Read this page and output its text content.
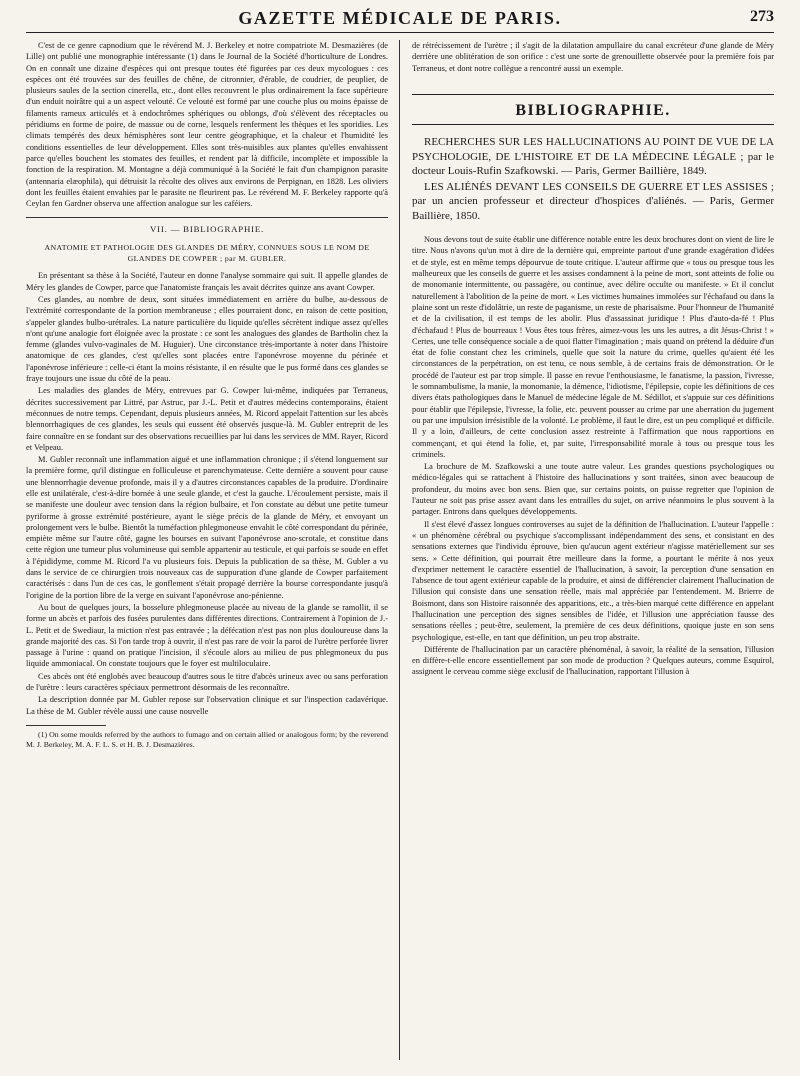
GAZETTE MÉDICALE DE PARIS.	273

C'est de ce genre capnodium que le révérend M. J. Berkeley et notre compatriote M. Desmazières (de Lille) ont publié une monographie intéressante (1) dans le Journal de la Société d'horticulture de Londres. On en connaît une dizaine d'espèces qui ont presque toutes été figurées par ces deux mycologues : ces espèces ont été trouvées sur des feuilles de chêne, de citronnier, d'érable, de coudrier, de peuplier, de plusieurs saules de la section cinerella, etc., dont elles recouvrent le plus ordinairement la face supérieure d'un enduit noirâtre qui a un aspect velouté. Ce velouté est formé par une couche plus ou moins épaisse de filaments rameux articulés et à endochrômes sphériques ou oblongs, d'où s'élèvent des réceptacles ou péridiums en forme de poire, de massue ou de corne, lesquels renferment les thèques et les sporidies. Les climats tempérés des deux hémisphères sont leur centre géographique, et la chaleur et l'humidité les conditions essentielles de leur développement. Elles sont très-nuisibles aux plantes qu'elles envahissent parce qu'elles bouchent les stomates des feuilles, et rendent par là difficile, incomplète et impossible la fonction de la respiration. M. Montagne a déjà communiqué à la Société le fait d'un champignon parasite (antennaria elæophila), qui détruisit la récolte des olives aux environs de Perpignan, en 1828. Les oliviers dont les feuilles étaient envahies par le parasite ne fleurirent pas. Le révérend M. F. Berkeley rapporte qu'à Ceylan fen Gardner observa une affection analogue sur les caféiers.

VII. — BIBLIOGRAPHIE.
ANATOMIE ET PATHOLOGIE DES GLANDES DE MÉRY, CONNUES SOUS LE NOM DE GLANDES DE COWPER ; par M. GUBLER.

En présentant sa thèse à la Société, l'auteur en donne l'analyse sommaire qui suit. Il appelle glandes de Méry les glandes de Cowper, parce que l'anatomiste français les avait décrites quinze ans avant Cowper.

Ces glandes, au nombre de deux, sont situées immédiatement en arrière du bulbe, au-dessous de l'extrémité correspondante de la portion membraneuse ; elles pourraient donc, en raison de cette position, s'appeler glandes bulbo-urétrales. La nature particulière du liquide qu'elles sécrètent indique assez qu'elles n'ont qu'une analogie fort éloignée avec la prostate : ce sont les analogues des glandes de Bartholin chez la femme (glandes vulvo-vaginales de M. Huguier). Une circonstance très-importante à noter dans l'histoire anatomique de ces glandes, c'est qu'elles sont placées entre l'aponévrose moyenne du périnée et l'aponévrose inférieure : celle-ci étant la moins résistante, il en résulte que le pus formé dans ces glandes se fraye toujours une issue du côté de la peau.

Les maladies des glandes de Méry, entrevues par G. Cowper lui-même, indiquées par Terraneus, décrites successivement par Littré, par Astruc, par J.-L. Petit et d'autres médecins contemporains, étaient méconnues de notre temps. Cependant, depuis plusieurs années, M. Ricord appelait l'attention sur les abcès blennorrhagiques de ces glandes, les seuls qui eussent été observés jusque-là. M. Gubler entreprit de les faire connaître en se fondant sur des observations recueillies par lui dans les services de MM. Rayer, Ricord et Velpeau.

M. Gubler reconnaît une inflammation aiguë et une inflammation chronique ; il s'étend longuement sur la première forme, qu'il distingue en folliculeuse et parenchymateuse. Cette dernière a souvent pour cause une blennorrhagie devenue profonde, mais il y a d'autres circonstances capables de la produire. D'ordinaire elle est unilatérale, c'est-à-dire bornée à une seule glande, et c'est la gauche. L'écoulement persiste, mais il se manifeste une douleur avec tension dans la région bulbaire, et l'on constate au début une petite tumeur pyriforme à grosse extrémité postérieure, ayant le siège précis de la glande de Méry, et envoyant un prolongement vers le bulbe. Bientôt la tuméfaction phlegmoneuse envahit le côté correspondant du périnée, empiète même sur l'autre côté, gagne les bourses en suivant l'aponévrose ano-scrotale, et constitue dans cette région une tumeur plus volumineuse qui semble appartenir au testicule, et qui parfois se soude en effet à l'épididyme, comme M. Ricord l'a vu plusieurs fois. Depuis la publication de sa thèse, M. Gubler a vu dans le service de ce chirurgien trois nouveaux cas de suppuration d'une glande de Cowper parfaitement caractérisés : dans l'un de ces cas, le gonflement s'était propagé derrière la bourse correspondante jusqu'à l'origine de la portion libre de la verge en suivant l'aponévrose ano-pénienne.

Au bout de quelques jours, la bosselure phlegmoneuse placée au niveau de la glande se ramollit, il se forme un abcès et parfois des fusées purulentes dans différentes directions. Contrairement à l'opinion de J.-L. Petit et de Swediaur, la miction n'est pas entravée ; la défécation n'est pas non plus douloureuse dans la grande majorité des cas. Si l'on tarde trop à ouvrir, il n'est pas rare de voir la paroi de l'urètre perforée livrer passage à l'urine : quand on pratique l'incision, il s'écoule alors au milieu de pus phlegmoneux du pus liquide ammoniacal. On constate toujours que le foyer est multiloculaire.

Ces abcès ont été englobés avec beaucoup d'autres sous le titre d'abcès urineux avec ou sans perforation de l'urètre : leurs caractères spéciaux permettront désormais de les reconnaître.

La description donnée par M. Gubler repose sur l'observation clinique et sur l'inspection cadavérique. La thèse de M. Gubler révèle aussi une cause nouvelle

(1) On some moulds referred by the authors to fumago and on certain allied or analogous form; by the reverend M. J. Berkeley, M. A. F. L. S. et H. B. J. Desmazières.

de rétrécissement de l'urètre ; il s'agit de la dilatation ampullaire du canal excréteur d'une glande de Méry derrière une oblitération de son orifice : c'est une sorte de grenouillette observée pour la première fois par Terraneus, et dont notre collègue a rencontré aussi un exemple.

BIBLIOGRAPHIE.

RECHERCHES SUR LES HALLUCINATIONS AU POINT DE VUE DE LA PSYCHOLOGIE, DE L'HISTOIRE ET DE LA MÉDECINE LÉGALE ; par le docteur Louis-Rufin Szafkowski. — Paris, Germer Baillière, 1849.

LES ALIÉNÉS DEVANT LES CONSEILS DE GUERRE ET LES ASSISES ; par un ancien professeur et directeur d'hospices d'aliénés. — Paris, Germer Baillière, 1850.

Nous devons tout de suite établir une différence notable entre les deux brochures dont on vient de lire le titre. Nous n'avons qu'un mot à dire de la dernière qui, empreinte partout d'une grande exagération d'idées et de style, est en même temps dépourvue de toute critique. L'auteur affirme que « tous ou presque tous les malheureux que les conseils de guerre et les assises condamnent à la peine de mort, sont atteints de folie ou de monomanie intermittente, ou passagère, ou continue, avec délire occulte ou manifeste. » Et il conclut naturellement à l'abolition de la peine de mort. « Les victimes humaines immolées sur l'échafaud ou dans la plaine sont un reste d'idolâtrie, un reste de paganisme, un reste de pharisaïsme. Pour l'honneur de l'humanité et de la civilisation, il est temps de les abolir. Plus d'assassinat juridique ! Plus d'auto-da-fé ! Plus d'échafaud ! Plus de bourreaux ! Vous êtes tous frères, aimez-vous les uns les autres, a dit Jésus-Christ ! » Certes, une telle conséquence sociale a de quoi flatter l'imagination ; mais quand on prétend la déduire d'un état de folie constant chez les criminels, quelle que soit la nature du crime, quelles qu'aient été les circonstances de la perpétration, on est tenu, ce nous semble, à de certains frais de démonstration. Or le procédé de l'auteur est par trop simple. Il passe en revue l'enthousiasme, le fanatisme, la passion, l'ivresse, le somnambulisme, la manie, la monomanie, la démence, l'idiotisme, l'épilepsie, copie les définitions de ces divers états pathologiques dans le Manuel de médecine légale de M. Sédillot, et s'appuie sur ces définitions pour établir que l'épilepsie, l'ivresse, la folie, etc. peuvent pousser au crime par une aberration du jugement ou par une impulsion irrésistible de la volonté. Le problème, il faut le dire, est un peu compliqué et difficile. Il y a loin, d'ailleurs, de cette conclusion assez restreinte à l'affirmation que nous rapportions en commençant, et qui étend la folie, et, par suite, l'irresponsabilité morale à tous ou presque tous les criminels.

La brochure de M. Szafkowski a une toute autre valeur. Les grandes questions psychologiques ou médico-légales qui se rattachent à l'histoire des hallucinations y sont traitées, sinon avec beaucoup de profondeur, du moins avec bon sens. Bien que, sur certains points, on puisse regretter que l'opinion de l'auteur ne soit pas prise assez avant dans les entrailles du sujet, on arrive néanmoins le plus souvent à la partager. Entrons dans quelques développements.

Il s'est élevé d'assez longues controverses au sujet de la définition de l'hallucination. L'auteur l'appelle : « un phénomène cérébral ou psychique s'accomplissant indépendamment des sens, et consistant en des sensations externes que l'individu éprouve, bien qu'aucun agent extérieur n'agisse matériellement sur ses sens. » Cette définition, qui pourrait être meilleure dans la forme, a pourtant le mérite à nos yeux d'exprimer nettement le caractère essentiel de l'hallucination, à savoir, la perception d'une sensation en l'absence de tout agent extérieur capable de la produire, et ainsi de différencier clairement l'hallucination de l'illusion qui consiste dans une sensation réelle, mais mal appréciée par l'entendement. M. Brierre de Boismont, dans son Histoire raisonnée des apparitions, etc., a très-bien marqué cette différence en appelant l'hallucination une perception des signes sensibles de l'idée, et l'illusion une appréciation fausse des sensations réelles ; peut-être, seulement, la première de ces deux définitions, quoique juste en son sens psychologique, est-elle, en tant que définition, un peu trop abstraite.

Différente de l'hallucination par un caractère phénoménal, à savoir, la réalité de la sensation, l'illusion en diffère-t-elle encore essentiellement par son mode de production ? Quelques auteurs, comme Esquirol, assignent le cerveau comme siège exclusif de l'hallucination, rapportant l'illusion à
